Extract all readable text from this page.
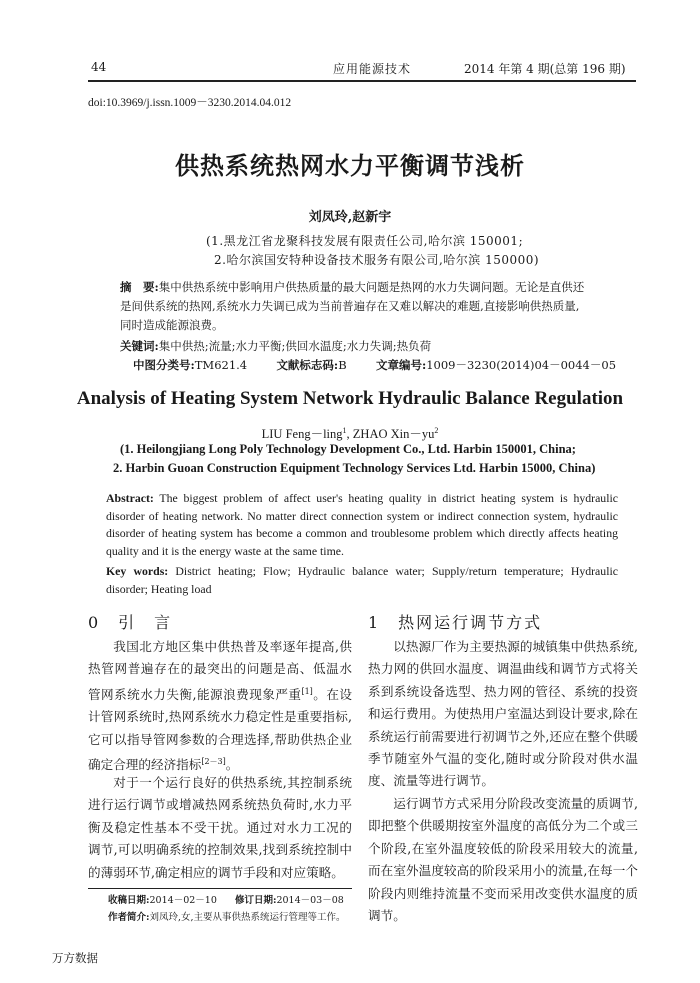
44	应用能源技术	2014 年第 4 期(总第 196 期)
doi:10.3969/j.issn.1009－3230.2014.04.012
供热系统热网水力平衡调节浅析
刘凤玲,赵新宇
(1.黑龙江省龙聚科技发展有限责任公司,哈尔滨 150001;
2.哈尔滨国安特种设备技术服务有限公司,哈尔滨 150000)
摘　要:集中供热系统中影响用户供热质量的最大问题是热网的水力失调问题。无论是直供还是间供系统的热网,系统水力失调已成为当前普遍存在又难以解决的难题,直接影响供热质量,同时造成能源浪费。
关键词:集中供热;流量;水力平衡;供回水温度;水力失调;热负荷
中图分类号:TM621.4	文献标志码:B	文章编号:1009－3230(2014)04－0044－05
Analysis of Heating System Network Hydraulic Balance Regulation
LIU Feng－ling$^1$, ZHAO $Xin-yu^2$
(1. Heilongjiang Long Poly Technology Development Co., Ltd. Harbin 150001, China;
2. Harbin Guoan Construction Equipment Technology Services Ltd. Harbin 15000, China)
Abstract: The biggest problem of affect user's heating quality in district heating system is hydraulic disorder of heating network. No matter direct connection system or indirect connection system, hydraulic disorder of heating system has become a common and troublesome problem which directly affects heating quality and it is the energy waste at the same time.
Key words: District heating; Flow; Hydraulic balance water; Supply/return temperature; Hydraulic disorder; Heating load
0　引　言
我国北方地区集中供热普及率逐年提高,供热管网普遍存在的最突出的问题是高、低温水管网系统水力失衡,能源浪费现象严重[1]。在设计管网系统时,热网系统水力稳定性是重要指标,它可以指导管网参数的合理选择,帮助供热企业确定合理的经济指标[2－3]。
对于一个运行良好的供热系统,其控制系统进行运行调节或增减热网系统热负荷时,水力平衡及稳定性基本不受干扰。通过对水力工况的调节,可以明确系统的控制效果,找到系统控制中的薄弱环节,确定相应的调节手段和对应策略。
收稿日期:2014－02－10 修订日期:2014－03－08
作者简介:刘凤玲,女,主要从事供热系统运行管理等工作。
1　热网运行调节方式
以热源厂作为主要热源的城镇集中供热系统,热力网的供回水温度、调温曲线和调节方式将关系到系统设备选型、热力网的管径、系统的投资和运行费用。为使热用户室温达到设计要求,除在系统运行前需要进行初调节之外,还应在整个供暖季节随室外气温的变化,随时或分阶段对供水温度、流量等进行调节。
运行调节方式采用分阶段改变流量的质调节,即把整个供暖期按室外温度的高低分为二个或三个阶段,在室外温度较低的阶段采用较大的流量,而在室外温度较高的阶段采用小的流量,在每一个阶段内则维持流量不变而采用改变供水温度的质调节。
万方数据
